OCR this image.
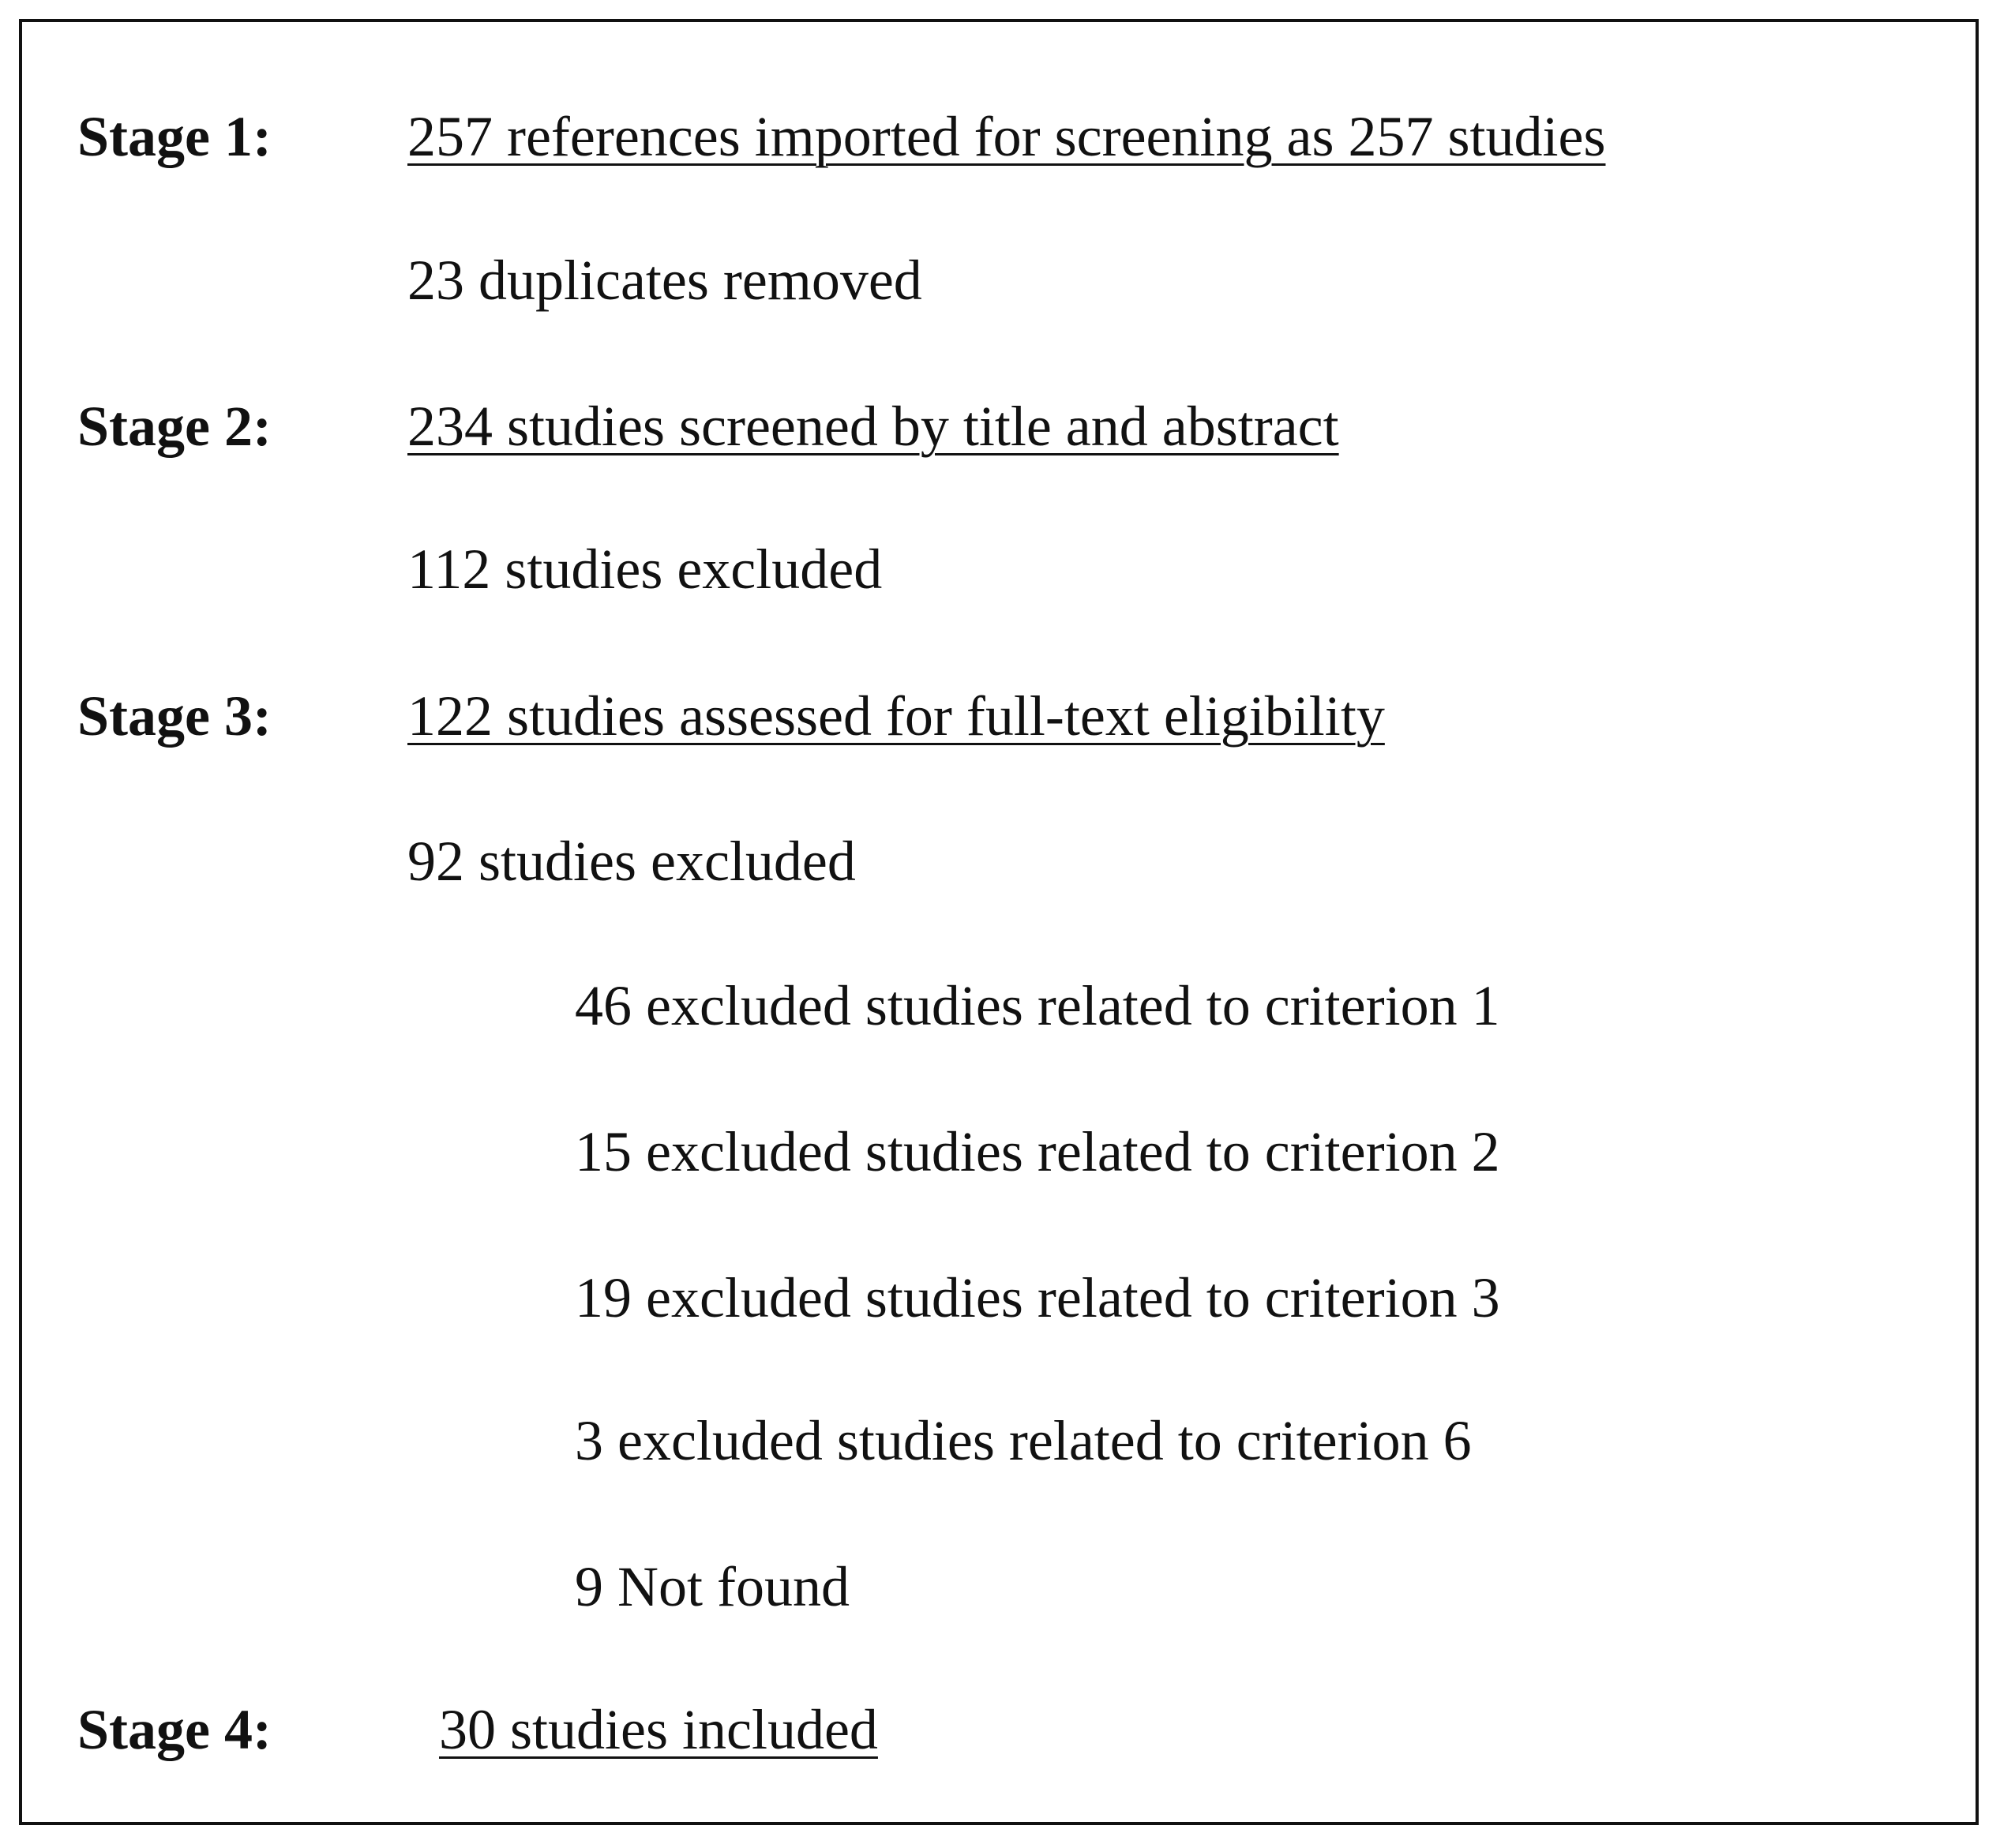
Stage 1: 257 references imported for screening as 257 studies
23 duplicates removed
Stage 2: 234 studies screened by title and abstract
112 studies excluded
Stage 3: 122 studies assessed for full-text eligibility
92 studies excluded
46 excluded studies related to criterion 1
15 excluded studies related to criterion 2
19 excluded studies related to criterion 3
3 excluded studies related to criterion 6
9 Not found
Stage 4:	30 studies included
